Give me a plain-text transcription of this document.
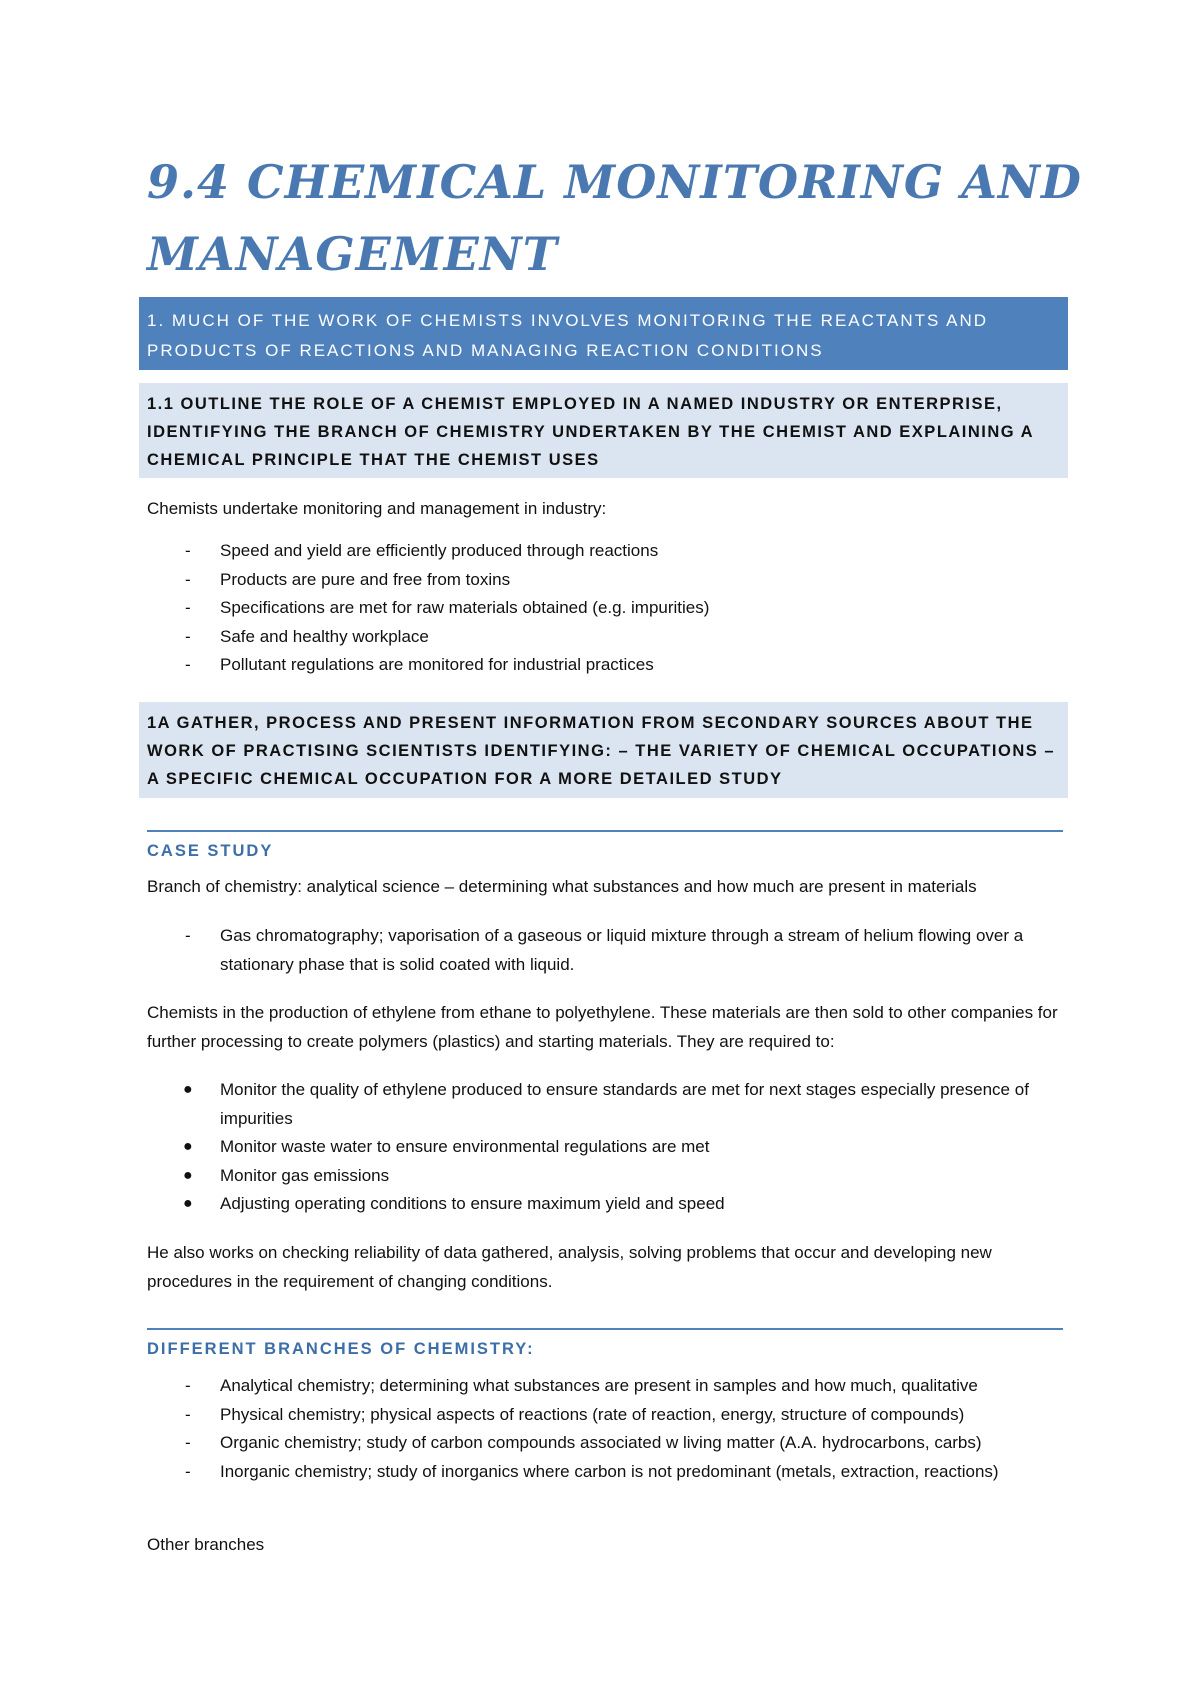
9.4 CHEMICAL MONITORING AND MANAGEMENT
1. MUCH OF THE WORK OF CHEMISTS INVOLVES MONITORING THE REACTANTS AND PRODUCTS OF REACTIONS AND MANAGING REACTION CONDITIONS
1.1 OUTLINE THE ROLE OF A CHEMIST EMPLOYED IN A NAMED INDUSTRY OR ENTERPRISE, IDENTIFYING THE BRANCH OF CHEMISTRY UNDERTAKEN BY THE CHEMIST AND EXPLAINING A CHEMICAL PRINCIPLE THAT THE CHEMIST USES

Chemists undertake monitoring and management in industry:

- Speed and yield are efficiently produced through reactions
- Products are pure and free from toxins
- Specifications are met for raw materials obtained (e.g. impurities)
- Safe and healthy workplace
- Pollutant regulations are monitored for industrial practices
1A GATHER, PROCESS AND PRESENT INFORMATION FROM SECONDARY SOURCES ABOUT THE WORK OF PRACTISING SCIENTISTS IDENTIFYING: – THE VARIETY OF CHEMICAL OCCUPATIONS – A SPECIFIC CHEMICAL OCCUPATION FOR A MORE DETAILED STUDY
CASE STUDY

Branch of chemistry: analytical science – determining what substances and how much are present in materials

- Gas chromatography; vaporisation of a gaseous or liquid mixture through a stream of helium flowing over a stationary phase that is solid coated with liquid.

Chemists in the production of ethylene from ethane to polyethylene. These materials are then sold to other companies for further processing to create polymers (plastics) and starting materials. They are required to:

● Monitor the quality of ethylene produced to ensure standards are met for next stages especially presence of impurities
● Monitor waste water to ensure environmental regulations are met
● Monitor gas emissions
● Adjusting operating conditions to ensure maximum yield and speed

He also works on checking reliability of data gathered, analysis, solving problems that occur and developing new procedures in the requirement of changing conditions.

DIFFERENT BRANCHES OF CHEMISTRY:
- Analytical chemistry; determining what substances are present in samples and how much, qualitative
- Physical chemistry; physical aspects of reactions (rate of reaction, energy, structure of compounds)
- Organic chemistry; study of carbon compounds associated w living matter (A.A. hydrocarbons, carbs)
- Inorganic chemistry; study of inorganics where carbon is not predominant (metals, extraction, reactions)

Other branches
